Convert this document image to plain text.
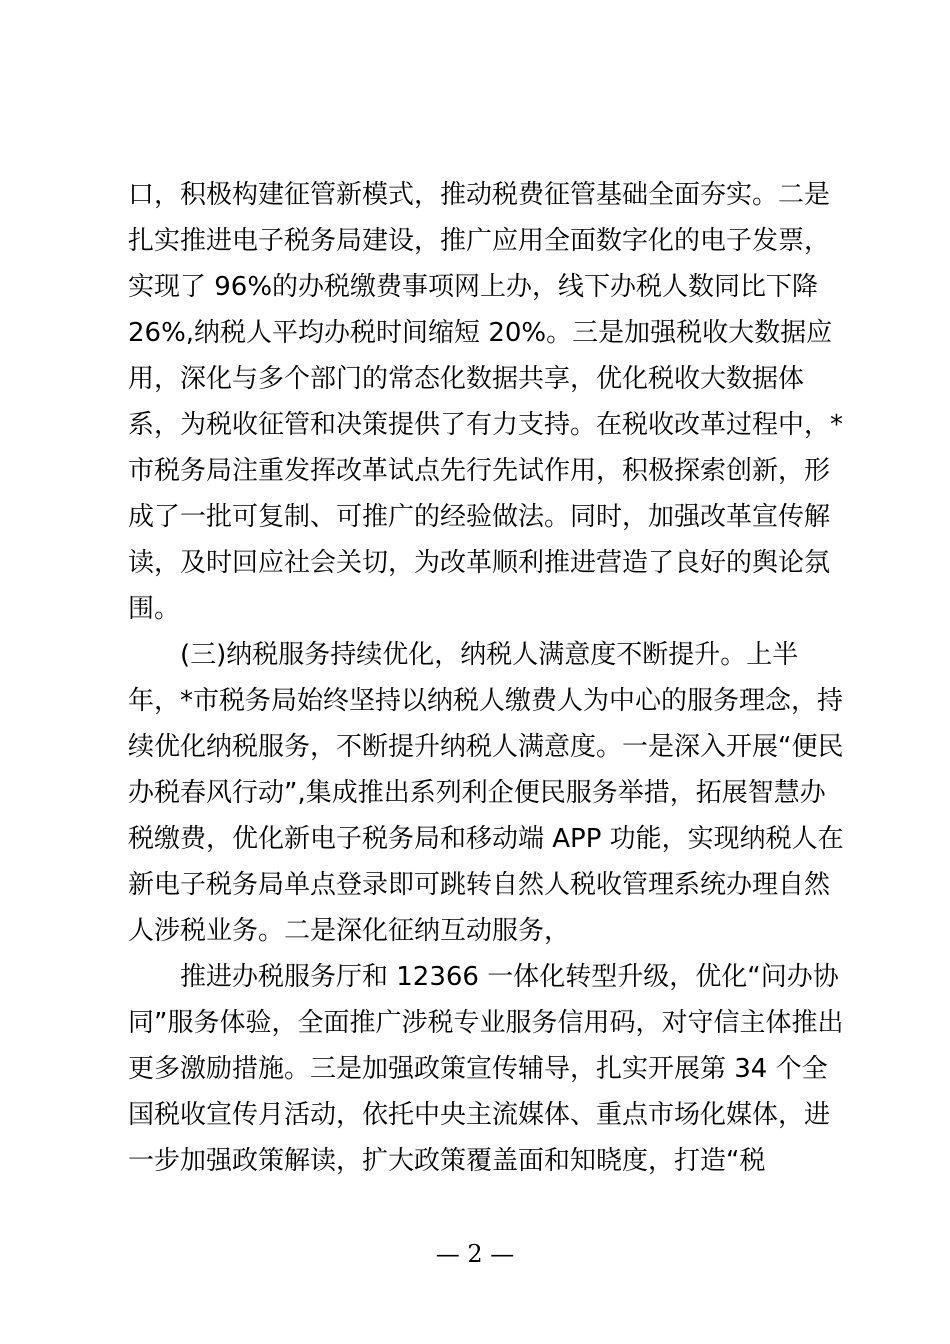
口，积极构建征管新模式，推动税费征管基础全面夯实。二是
扎实推进电子税务局建设，推广应用全面数字化的电子发票，
实现了 96%的办税缴费事项网上办，线下办税人数同比下降
26%,纳税人平均办税时间缩短 20%。三是加强税收大数据应
用，深化与多个部门的常态化数据共享，优化税收大数据体
系，为税收征管和决策提供了有力支持。在税收改革过程中，*
市税务局注重发挥改革试点先行先试作用，积极探索创新，形
成了一批可复制、可推广的经验做法。同时，加强改革宣传解
读，及时回应社会关切，为改革顺利推进营造了良好的舆论氛
围。
　　(三)纳税服务持续优化，纳税人满意度不断提升。上半
年，*市税务局始终坚持以纳税人缴费人为中心的服务理念，持
续优化纳税服务，不断提升纳税人满意度。一是深入开展“便民
办税春风行动”,集成推出系列利企便民服务举措，拓展智慧办
税缴费，优化新电子税务局和移动端 APP 功能，实现纳税人在
新电子税务局单点登录即可跳转自然人税收管理系统办理自然
人涉税业务。二是深化征纳互动服务，
　　推进办税服务厅和 12366 一体化转型升级，优化“问办协
同”服务体验，全面推广涉税专业服务信用码，对守信主体推出
更多激励措施。三是加强政策宣传辅导，扎实开展第 34 个全
国税收宣传月活动，依托中央主流媒体、重点市场化媒体，进
一步加强政策解读，扩大政策覆盖面和知晓度，打造“税
— 2 —
